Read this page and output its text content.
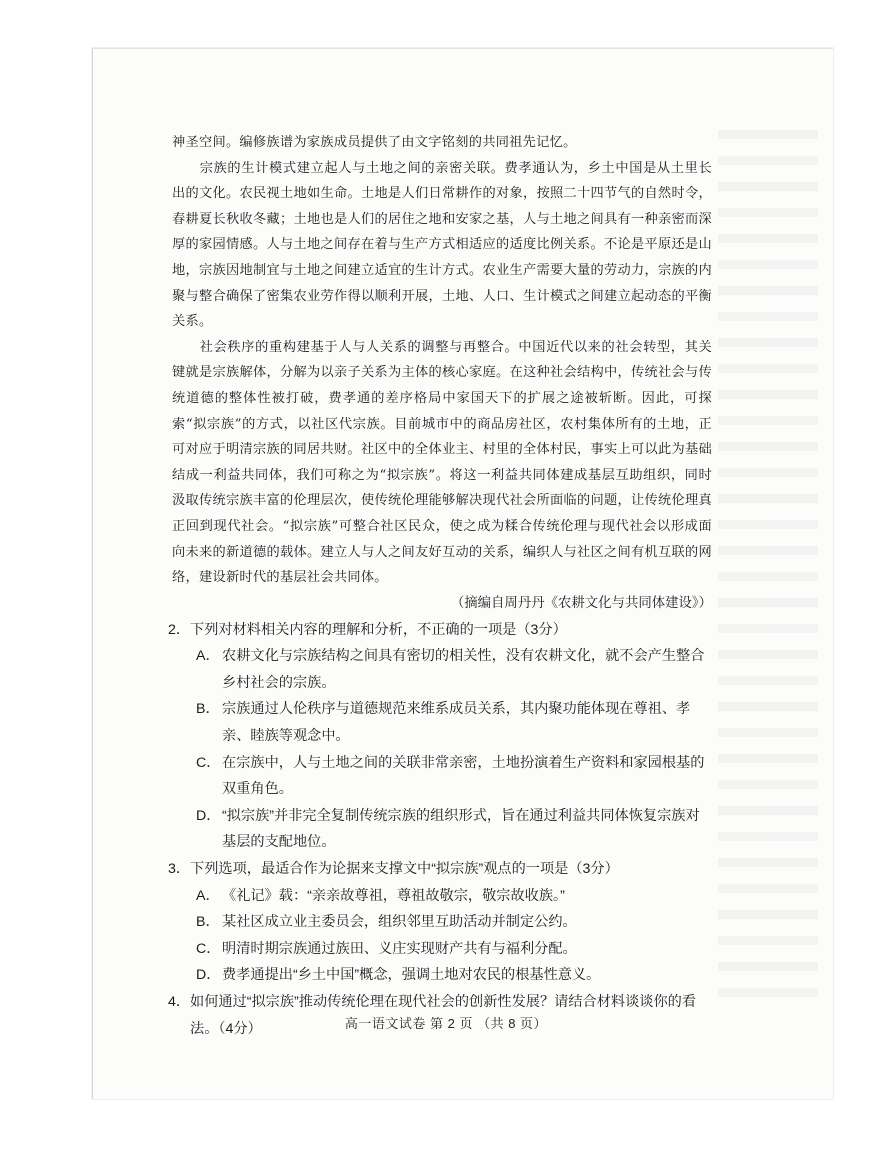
神圣空间。编修族谱为家族成员提供了由文字铭刻的共同祖先记忆。

宗族的生计模式建立起人与土地之间的亲密关联。费孝通认为，乡土中国是从土里长出的文化。农民视土地如生命。土地是人们日常耕作的对象，按照二十四节气的自然时令，春耕夏长秋收冬藏；土地也是人们的居住之地和安家之基，人与土地之间具有一种亲密而深厚的家园情感。人与土地之间存在着与生产方式相适应的适度比例关系。不论是平原还是山地，宗族因地制宜与土地之间建立适宜的生计方式。农业生产需要大量的劳动力，宗族的内聚与整合确保了密集农业劳作得以顺利开展，土地、人口、生计模式之间建立起动态的平衡关系。

社会秩序的重构建基于人与人关系的调整与再整合。中国近代以来的社会转型，其关键就是宗族解体，分解为以亲子关系为主体的核心家庭。在这种社会结构中，传统社会与传统道德的整体性被打破，费孝通的差序格局中家国天下的扩展之途被斩断。因此，可探索“拟宗族”的方式，以社区代宗族。目前城市中的商品房社区，农村集体所有的土地，正可对应于明清宗族的同居共财。社区中的全体业主、村里的全体村民，事实上可以此为基础结成一利益共同体，我们可称之为“拟宗族”。将这一利益共同体建成基层互助组织，同时汲取传统宗族丰富的伦理层次，使传统伦理能够解决现代社会所面临的问题，让传统伦理真正回到现代社会。“拟宗族”可整合社区民众，使之成为糅合传统伦理与现代社会以形成面向未来的新道德的载体。建立人与人之间友好互动的关系，编织人与社区之间有机互联的网络，建设新时代的基层社会共同体。

（摘编自周丹丹《农耕文化与共同体建设》）

2． 下列对材料相关内容的理解和分析，不正确的一项是（3分）
A． 农耕文化与宗族结构之间具有密切的相关性，没有农耕文化，就不会产生整合乡村社会的宗族。
B． 宗族通过人伦秩序与道德规范来维系成员关系，其内聚功能体现在尊祖、孝亲、睦族等观念中。
C． 在宗族中，人与土地之间的关联非常亲密，土地扮演着生产资料和家园根基的双重角色。
D． “拟宗族”并非完全复制传统宗族的组织形式，旨在通过利益共同体恢复宗族对基层的支配地位。
3． 下列选项，最适合作为论据来支撑文中“拟宗族”观点的一项是（3分）
A． 《礼记》载：“亲亲故尊祖，尊祖故敬宗，敬宗故收族。”
B． 某社区成立业主委员会，组织邻里互助活动并制定公约。
C． 明清时期宗族通过族田、义庄实现财产共有与福利分配。
D． 费孝通提出“乡土中国”概念，强调土地对农民的根基性意义。
4． 如何通过“拟宗族”推动传统伦理在现代社会的创新性发展？请结合材料谈谈你的看法。（4分）	高一语文试卷 第 2 页 （共 8 页）
